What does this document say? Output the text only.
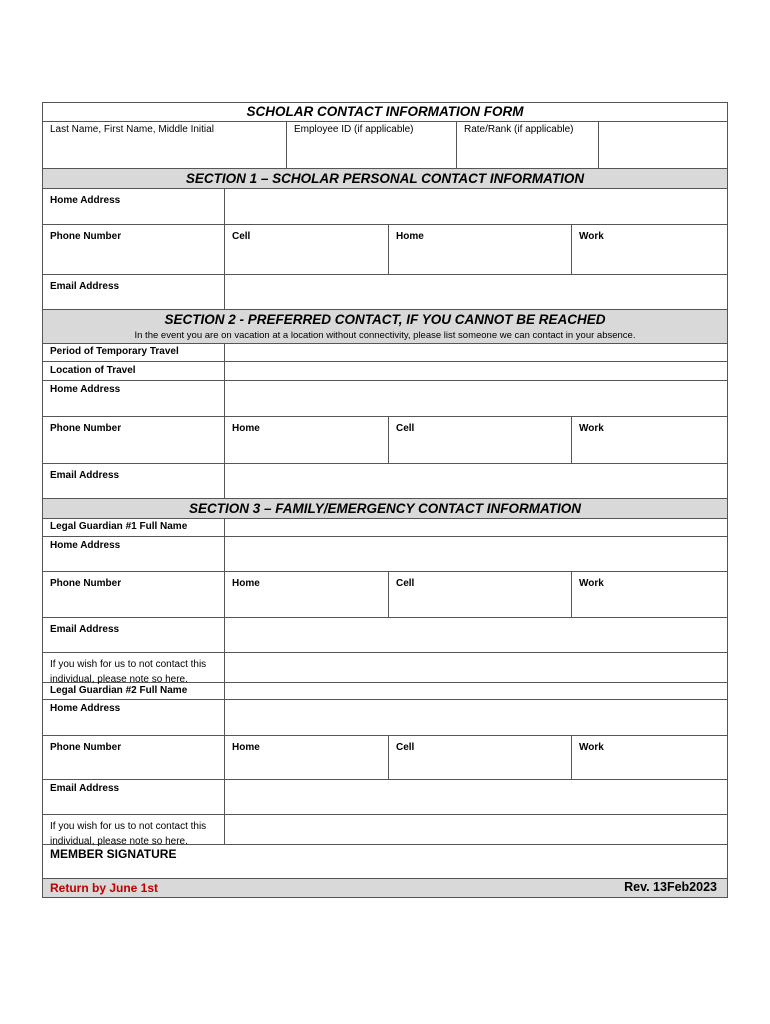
SCHOLAR CONTACT INFORMATION FORM
Last Name, First Name, Middle Initial	Employee ID (if applicable)	Rate/Rank (if applicable)
SECTION 1 – SCHOLAR PERSONAL CONTACT INFORMATION
Home Address
Phone Number	Cell	Home	Work
Email Address
SECTION 2 - PREFERRED CONTACT, IF YOU CANNOT BE REACHED
In the event you are on vacation at a location without connectivity, please list someone we can contact in your absence.
Period of Temporary Travel
Location of Travel
Home Address
Phone Number	Home	Cell	Work
Email Address
SECTION 3 – FAMILY/EMERGENCY CONTACT INFORMATION
Legal Guardian #1 Full Name
Home Address
Phone Number	Home	Cell	Work
Email Address
If you wish for us to not contact this individual, please note so here.
Legal Guardian #2 Full Name
Home Address
Phone Number	Home	Cell	Work
Email Address
If you wish for us to not contact this individual, please note so here.
MEMBER SIGNATURE
Return by June 1st	Rev. 13Feb2023
